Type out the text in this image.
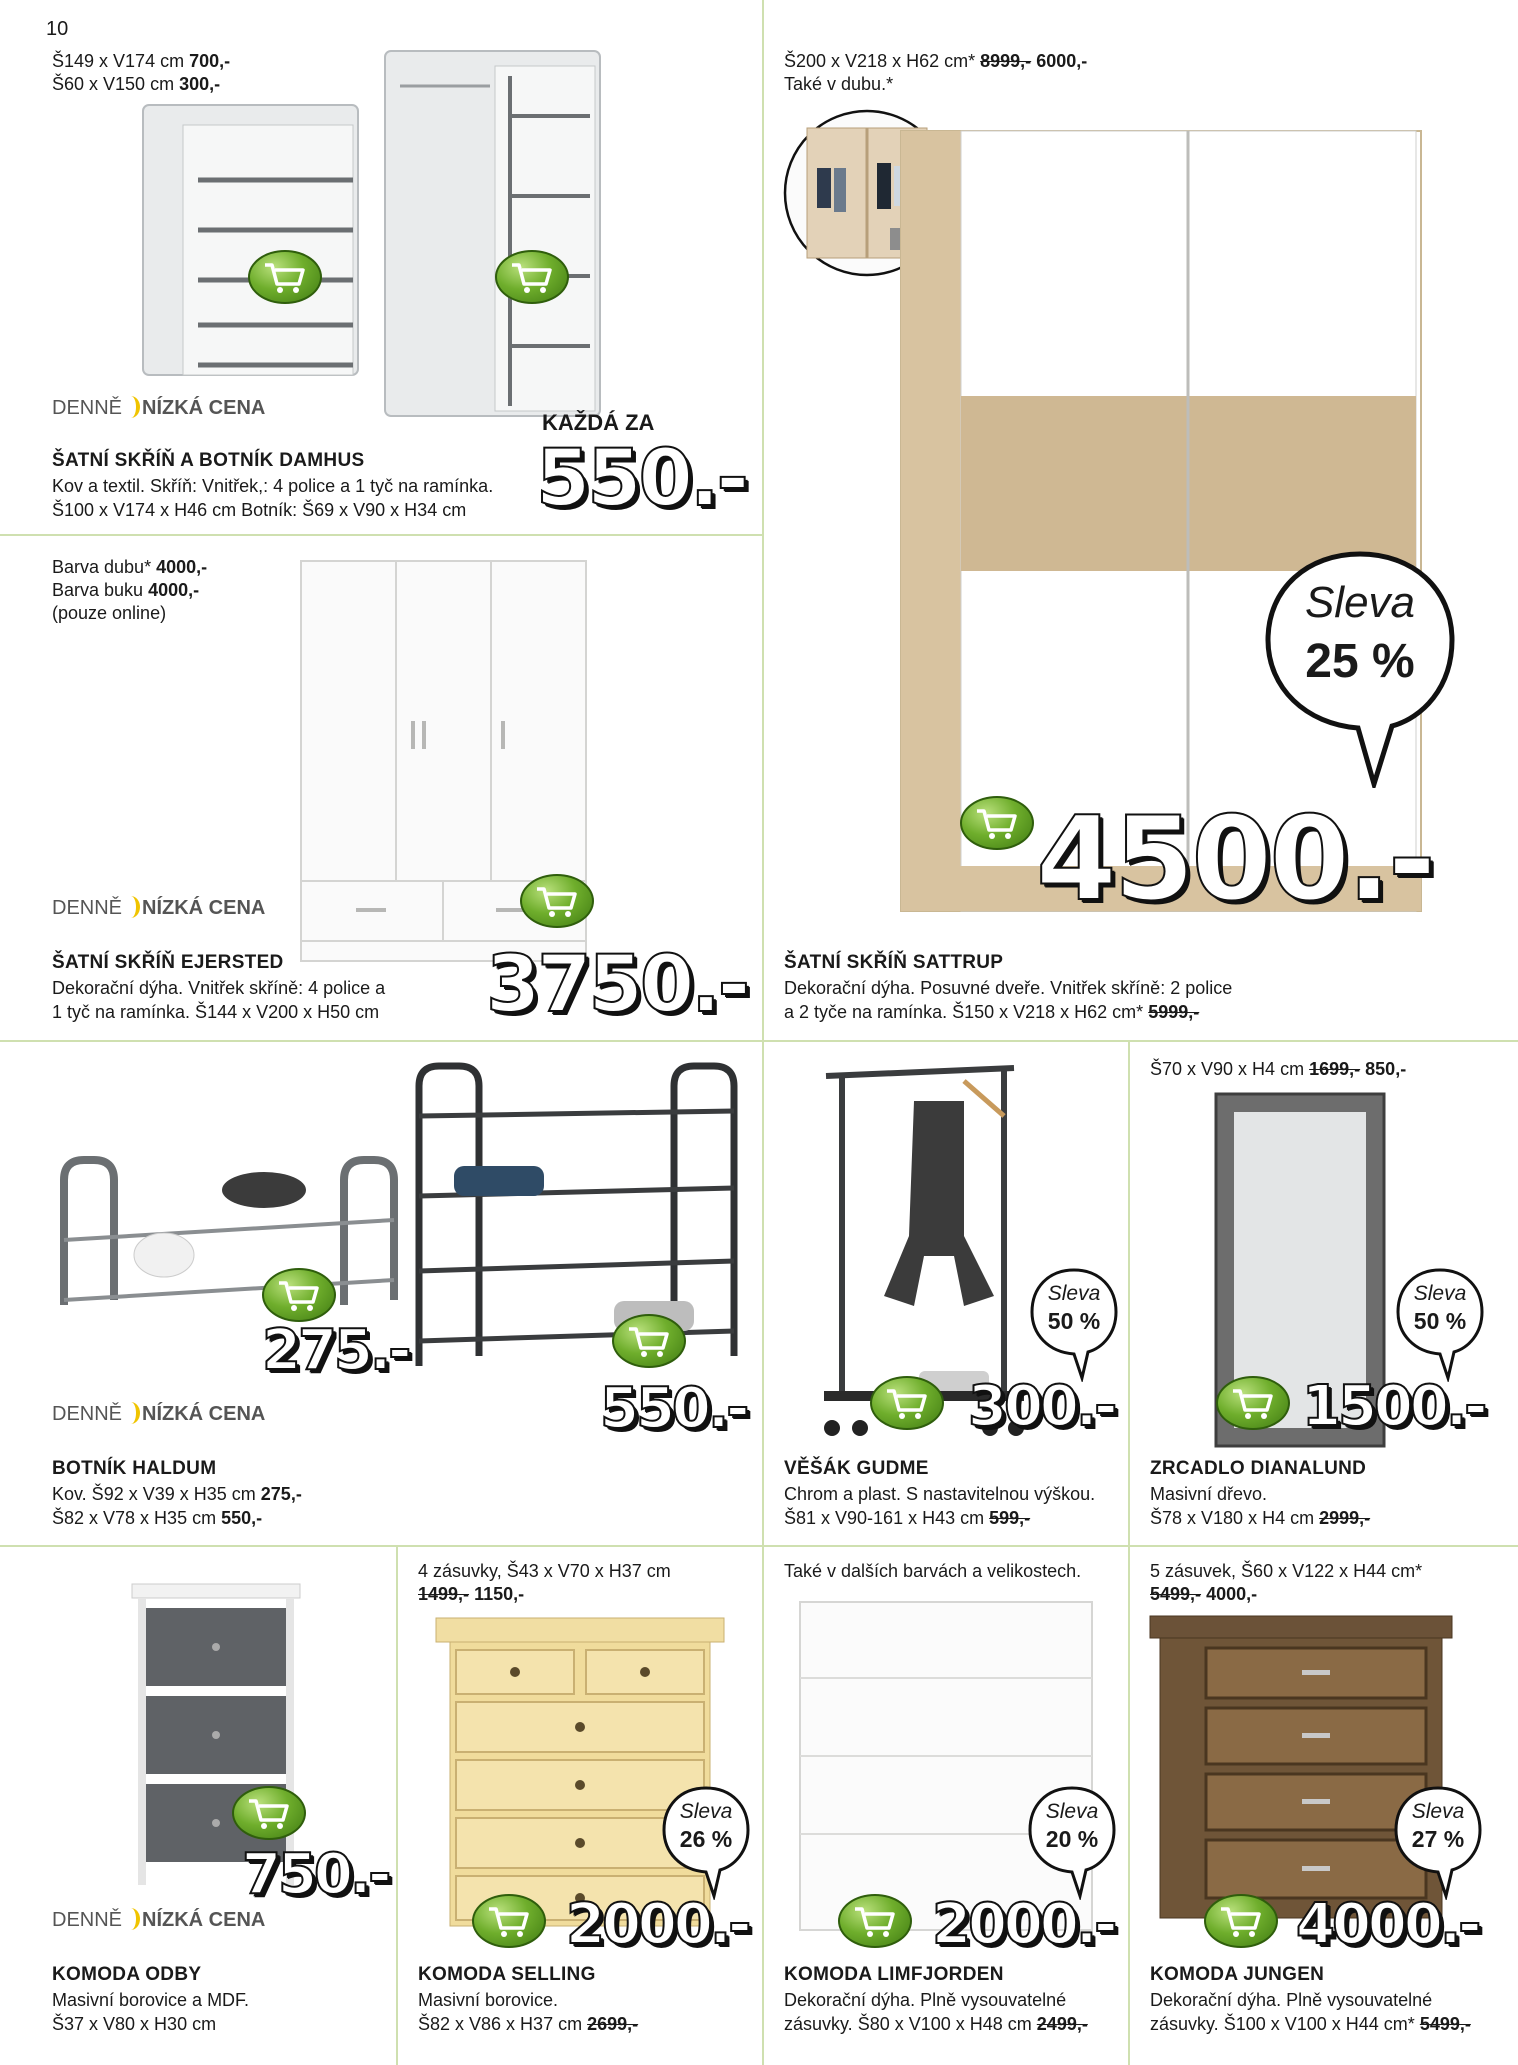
10
Š149 x V174 cm 700,-
Š60 x V150 cm 300,-
DENNĚ NÍZKÁ CENA
KAŽDÁ ZA
ŠATNÍ SKŘÍŇ A BOTNÍK DAMHUS
Kov a textil. Skříň: Vnitřek,: 4 police a 1 tyč na ramínka.
Š100 x V174 x H46 cm Botník: Š69 x V90 x H34 cm 550.-
Barva dubu* 4000,-
Barva buku 4000,-
(pouze online)
DENNĚ NÍZKÁ CENA
ŠATNÍ SKŘÍŇ EJERSTED
Dekorační dýha. Vnitřek skříně: 4 police a
1 tyč na ramínka. Š144 x V200 x H50 cm 3750.-
Š200 x V218 x H62 cm* 8999,- 6000,-
Také v dubu.*
Sleva
25 %
4500.-
ŠATNÍ SKŘÍŇ SATTRUP
Dekorační dýha. Posuvné dveře. Vnitřek skříně: 2 police
a 2 tyče na ramínka. Š150 x V218 x H62 cm* 5999,-
275.-
550.-
DENNĚ NÍZKÁ CENA
BOTNÍK HALDUM
Kov. Š92 x V39 x H35 cm 275,-
Š82 x V78 x H35 cm 550,-
Sleva
50 %
300.-
VĚŠÁK GUDME
Chrom a plast. S nastavitelnou výškou.
Š81 x V90-161 x H43 cm 599,-
Š70 x V90 x H4 cm 1699,- 850,-
Sleva
50 %
1500.-
ZRCADLO DIANALUND
Masivní dřevo.
Š78 x V180 x H4 cm 2999,-
750.-
DENNĚ NÍZKÁ CENA
KOMODA ODBY
Masivní borovice a MDF.
Š37 x V80 x H30 cm
4 zásuvky, Š43 x V70 x H37 cm
1499,- 1150,-
Sleva
26 %
2000.-
KOMODA SELLING
Masivní borovice.
Š82 x V86 x H37 cm 2699,-
Také v dalších barvách a velikostech.
Sleva
20 %
2000.-
KOMODA LIMFJORDEN
Dekorační dýha. Plně vysouvatelné
zásuvky. Š80 x V100 x H48 cm 2499,-
5 zásuvek, Š60 x V122 x H44 cm*
5499,- 4000,-
Sleva
27 %
4000.-
KOMODA JUNGEN
Dekorační dýha. Plně vysouvatelné
zásuvky. Š100 x V100 x H44 cm* 5499,-
